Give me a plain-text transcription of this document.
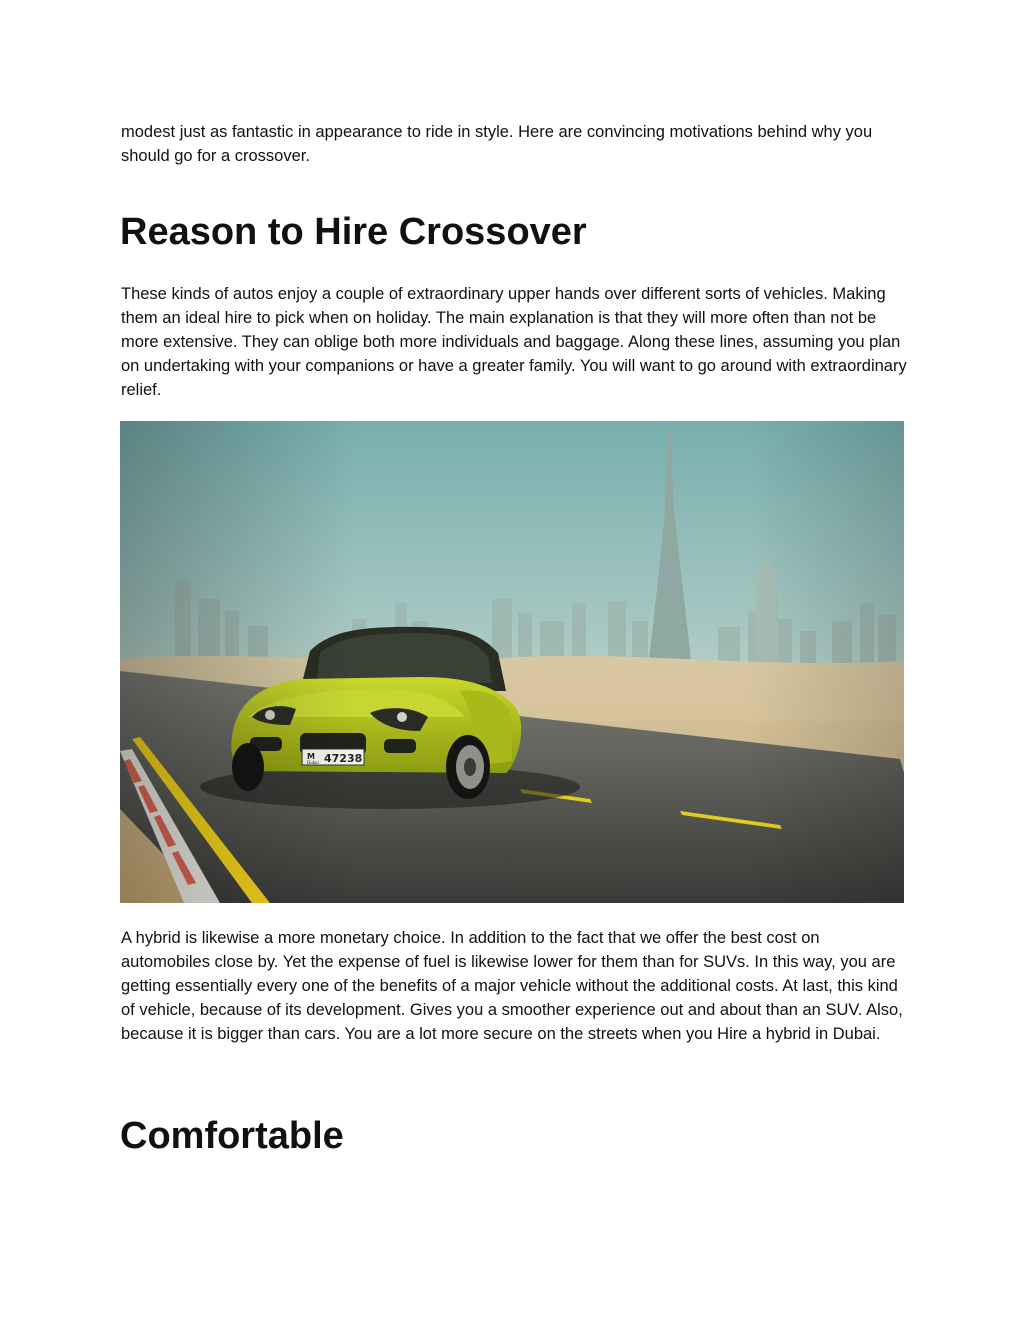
modest just as fantastic in appearance to ride in style. Here are convincing motivations behind why you should go for a crossover.

Reason to Hire Crossover

These kinds of autos enjoy a couple of extraordinary upper hands over different sorts of vehicles. Making them an ideal hire to pick when on holiday. The main explanation is that they will more often than not be more extensive. They can oblige both more individuals and baggage. Along these lines, assuming you plan on undertaking with your companions or have a greater family. You will want to go around with extraordinary relief.

A hybrid is likewise a more monetary choice. In addition to the fact that we offer the best cost on automobiles close by. Yet the expense of fuel is likewise lower for them than for SUVs. In this way, you are getting essentially every one of the benefits of a major vehicle without the additional costs. At last, this kind of vehicle, because of its development. Gives you a smoother experience out and about than an SUV. Also, because it is bigger than cars. You are a lot more secure on the streets when you Hire a hybrid in Dubai.

Comfortable
